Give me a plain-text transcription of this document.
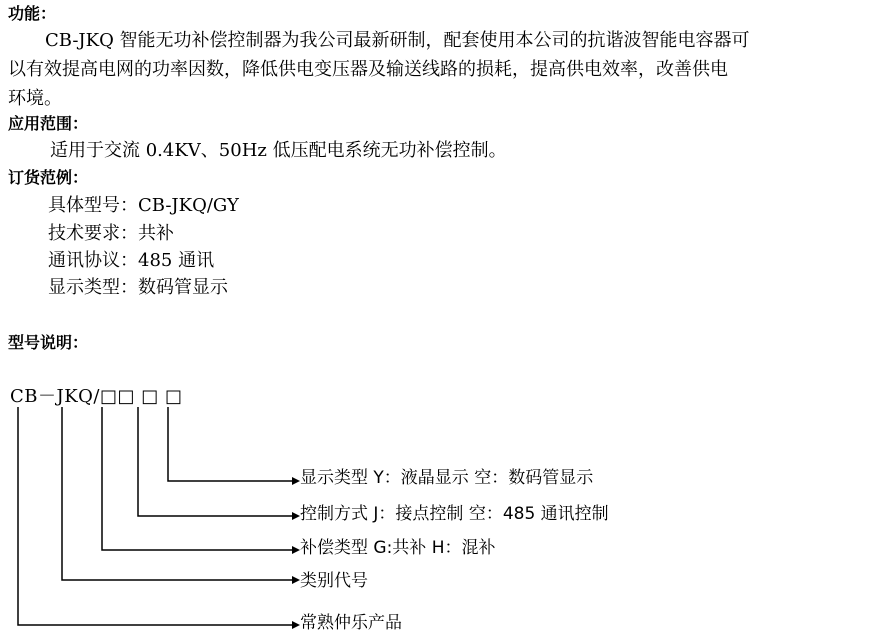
功能：
CB-JKQ 智能无功补偿控制器为我公司最新研制，配套使用本公司的抗谐波智能电容器可
以有效提高电网的功率因数，降低供电变压器及输送线路的损耗，提高供电效率，改善供电
环境。
应用范围：
适用于交流 0.4KV、50Hz 低压配电系统无功补偿控制。
订货范例：
具体型号：CB-JKQ/GY
技术要求：共补
通讯协议：485 通讯
显示类型：数码管显示
型号说明：
CB－JKQ/□□ □ □
显示类型 Y：液晶显示 空：数码管显示
控制方式 J：接点控制 空：485 通讯控制
补偿类型 G:共补 H：混补
类别代号
常熟仲乐产品
